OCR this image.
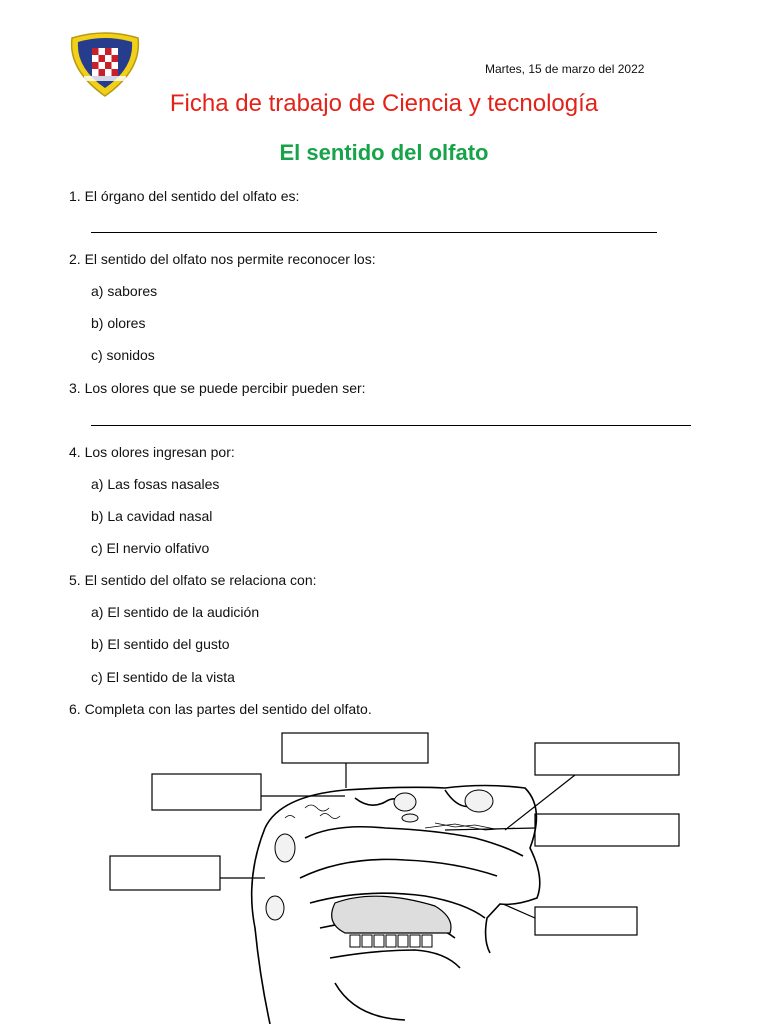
Martes, 15 de marzo del 2022
Ficha de trabajo de Ciencia y tecnología
El sentido del olfato
1. El órgano del sentido del olfato es:
2. El sentido del olfato nos permite reconocer los:
a) sabores
b) olores
c) sonidos
3. Los olores que se puede percibir pueden ser:
4. Los olores ingresan por:
a) Las fosas nasales
b) La cavidad nasal
c) El nervio olfativo
5. El sentido del olfato se relaciona con:
a) El sentido de la audición
b) El sentido del gusto
c) El sentido de la vista
6. Completa con las partes del sentido del olfato.
